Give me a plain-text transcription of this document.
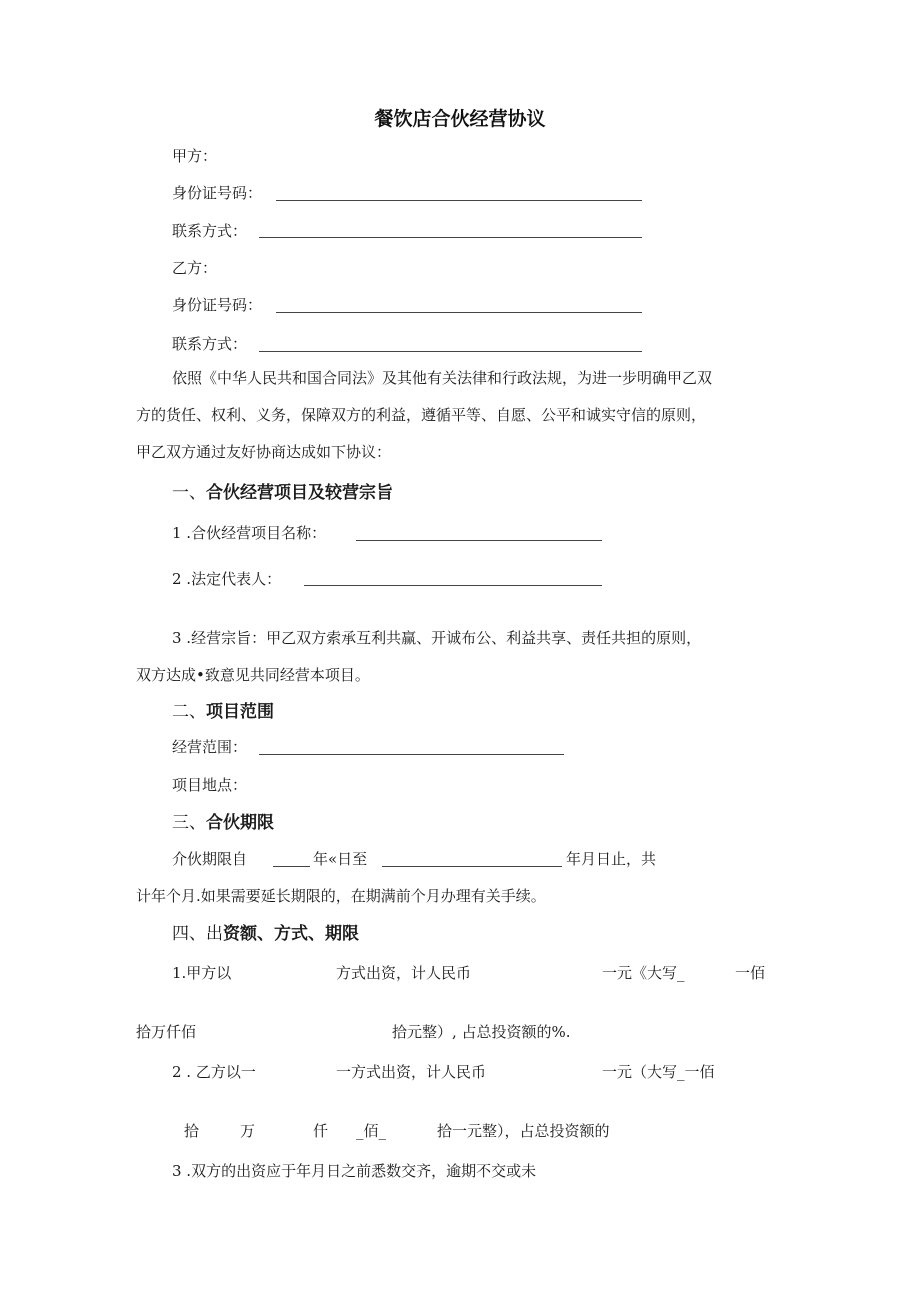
餐饮店合伙经营协议
甲方：
身份证号码：
联系方式：
乙方：
身份证号码：
联系方式：
依照《中华人民共和国合同法》及其他有关法律和行政法规，为进一步明确甲乙双
方的货任、权利、义务，保障双方的利益，遵循平等、自愿、公平和诚实守信的原则，
甲乙双方通过友好协商达成如下协议：
一、合伙经营项目及较营宗旨
1 .合伙经营项目名称：
2 .法定代表人：
3 .经营宗旨：甲乙双方索承互利共赢、开诚布公、利益共享、责任共担的原则，
双方达成•致意见共同经营本项目。
二、项目范围
经营范围：
项目地点：
三、合伙期限
介伙期限自	年«日至	年月日止，共
计年个月.如果需要延长期限的，在期满前个月办理有关手续。
四、出资额、方式、期限
1.甲方以	方式出资，计人民币	一元《大写_	一佰
拾万仟佰	拾元整）, 占总投资额的%.
2 . 乙方以一	一方式出资，计人民币	一元（大写_一佰
拾	万	仟 _佰_	拾一元整），占总投资额的
3 .双方的出资应于年月日之前悉数交齐，逾期不交或未
